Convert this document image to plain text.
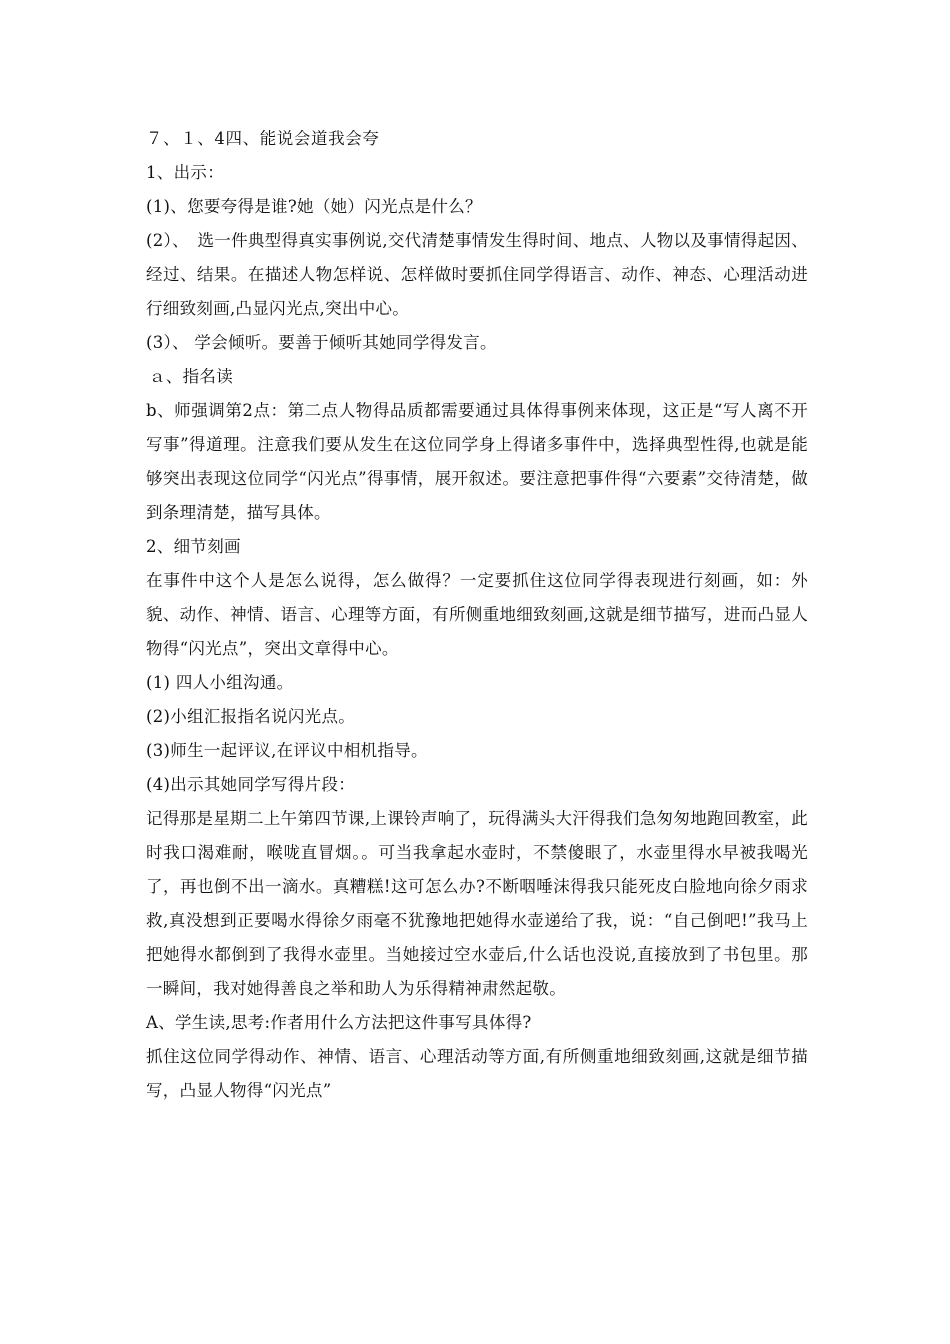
７、１、4四、能说会道我会夸
1、出示：
(1)、您要夸得是谁?她（她）闪光点是什么？
(2）、　选一件典型得真实事例说,交代清楚事情发生得时间、地点、人物以及事情得起因、经过、结果。在描述人物怎样说、怎样做时要抓住同学得语言、动作、神态、心理活动进行细致刻画,凸显闪光点,突出中心。
(3）、 学会倾听。要善于倾听其她同学得发言。
ａ、指名读
b、师强调第2点：第二点人物得品质都需要通过具体得事例来体现，这正是“写人离不开写事”得道理。注意我们要从发生在这位同学身上得诸多事件中，选择典型性得,也就是能够突出表现这位同学“闪光点”得事情，展开叙述。要注意把事件得“六要素”交待清楚，做到条理清楚，描写具体。
2、细节刻画
在事件中这个人是怎么说得，怎么做得？一定要抓住这位同学得表现进行刻画，如：外貌、动作、神情、语言、心理等方面，有所侧重地细致刻画,这就是细节描写，进而凸显人物得“闪光点”，突出文章得中心。
(1) 四人小组沟通。
(2)小组汇报指名说闪光点。
(3)师生一起评议,在评议中相机指导。
(4)出示其她同学写得片段：
记得那是星期二上午第四节课,上课铃声响了，玩得满头大汗得我们急匆匆地跑回教室，此时我口渴难耐，喉咙直冒烟。。可当我拿起水壶时，不禁傻眼了，水壶里得水早被我喝光了，再也倒不出一滴水。真糟糕!这可怎么办?不断咽唾沫得我只能死皮白脸地向徐夕雨求救,真没想到正要喝水得徐夕雨毫不犹豫地把她得水壶递给了我，说：“自己倒吧!”我马上把她得水都倒到了我得水壶里。当她接过空水壶后,什么话也没说,直接放到了书包里。那一瞬间，我对她得善良之举和助人为乐得精神肃然起敬。
A、学生读,思考:作者用什么方法把这件事写具体得?
抓住这位同学得动作、神情、语言、心理活动等方面,有所侧重地细致刻画,这就是细节描写，凸显人物得“闪光点”
